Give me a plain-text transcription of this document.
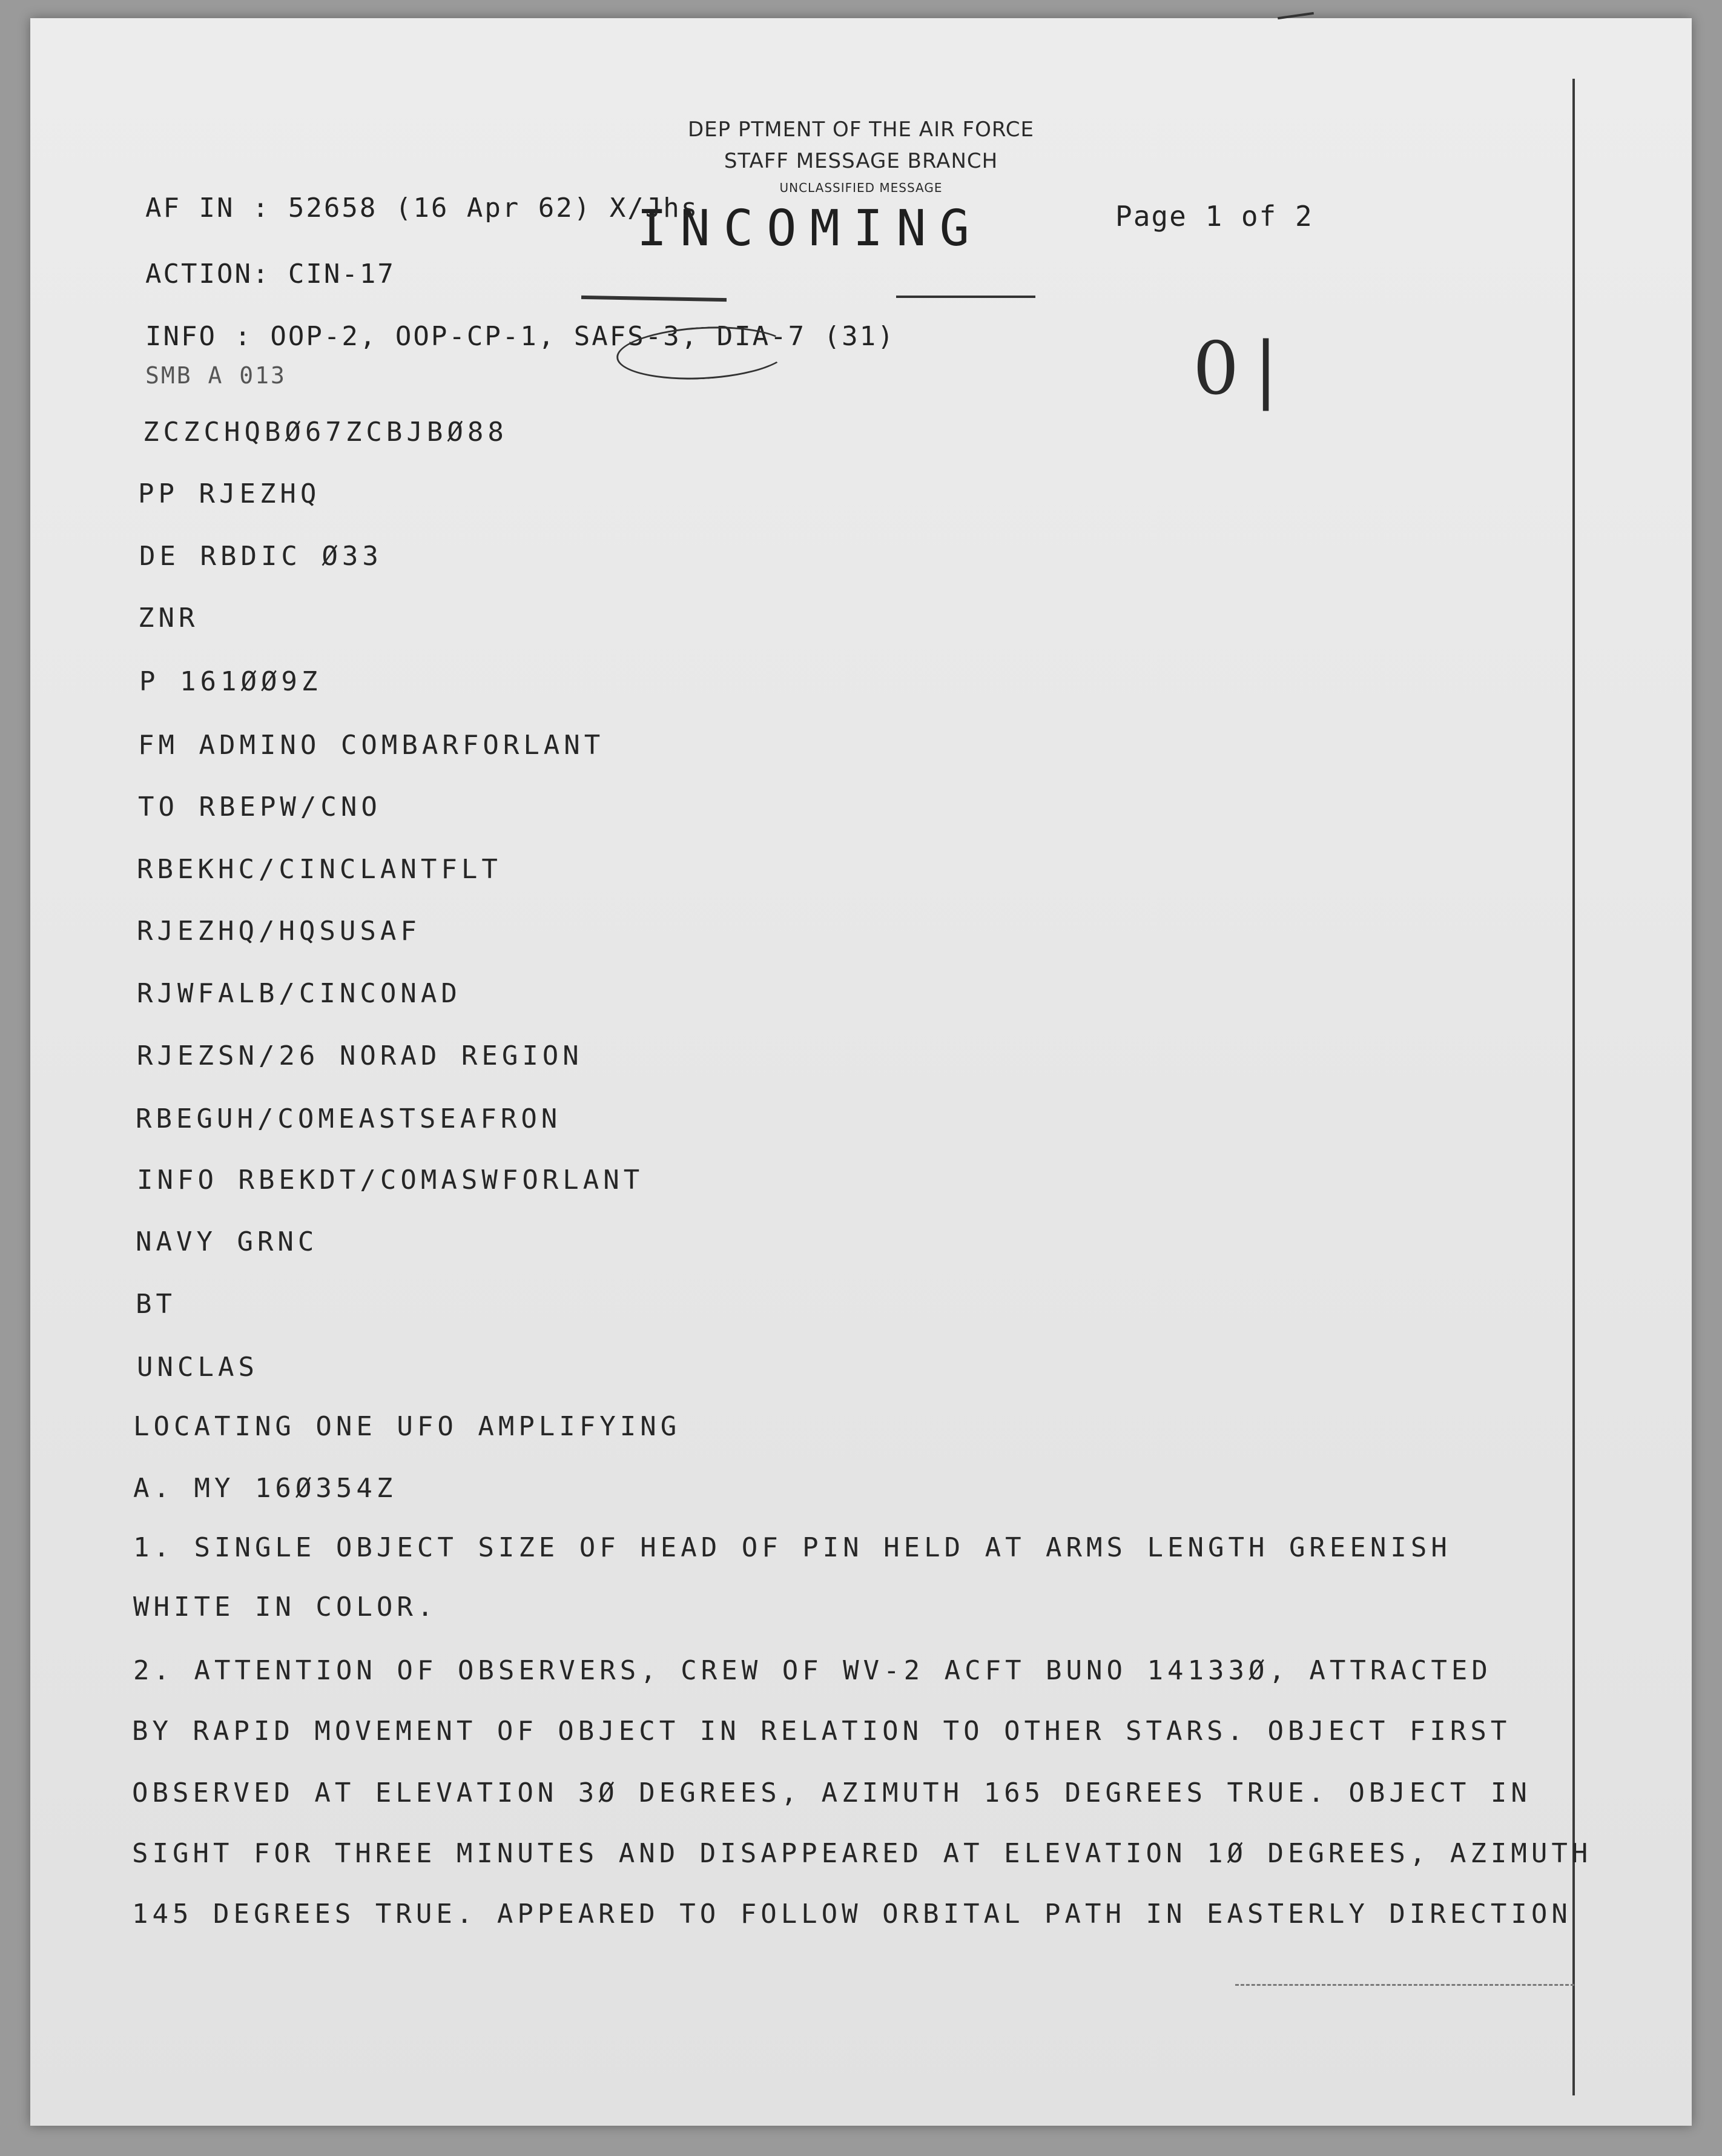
DEP PTMENT OF THE AIR FORCE
STAFF MESSAGE BRANCH
UNCLASSIFIED MESSAGE
INCOMING	Page 1 of 2
AF IN : 52658 (16 Apr 62) X/Jhs
ACTION: CIN-17
INFO : OOP-2, OOP-CP-1, SAFS-3, DIA-7 (31)
SMB A 013	0|
ZCZCHQBØ67ZCBJBØ88
PP RJEZHQ
DE RBDIC Ø33
ZNR
P 161ØØ9Z
FM ADMINO COMBARFORLANT
TO RBEPW/CNO
RBEKHC/CINCLANTFLT
RJEZHQ/HQSUSAF
RJWFALB/CINCONAD
RJEZSN/26 NORAD REGION
RBEGUH/COMEASTSEAFRON
INFO RBEKDT/COMASWFORLANT
NAVY GRNC
BT
UNCLAS
LOCATING ONE UFO AMPLIFYING
A. MY 16Ø354Z
1. SINGLE OBJECT SIZE OF HEAD OF PIN HELD AT ARMS LENGTH GREENISH
WHITE IN COLOR.
2. ATTENTION OF OBSERVERS, CREW OF WV-2 ACFT BUNO 14133Ø, ATTRACTED
BY RAPID MOVEMENT OF OBJECT IN RELATION TO OTHER STARS. OBJECT FIRST
OBSERVED AT ELEVATION 3Ø DEGREES, AZIMUTH 165 DEGREES TRUE. OBJECT IN
SIGHT FOR THREE MINUTES AND DISAPPEARED AT ELEVATION 1Ø DEGREES, AZIMUTH
145 DEGREES TRUE. APPEARED TO FOLLOW ORBITAL PATH IN EASTERLY DIRECTION
